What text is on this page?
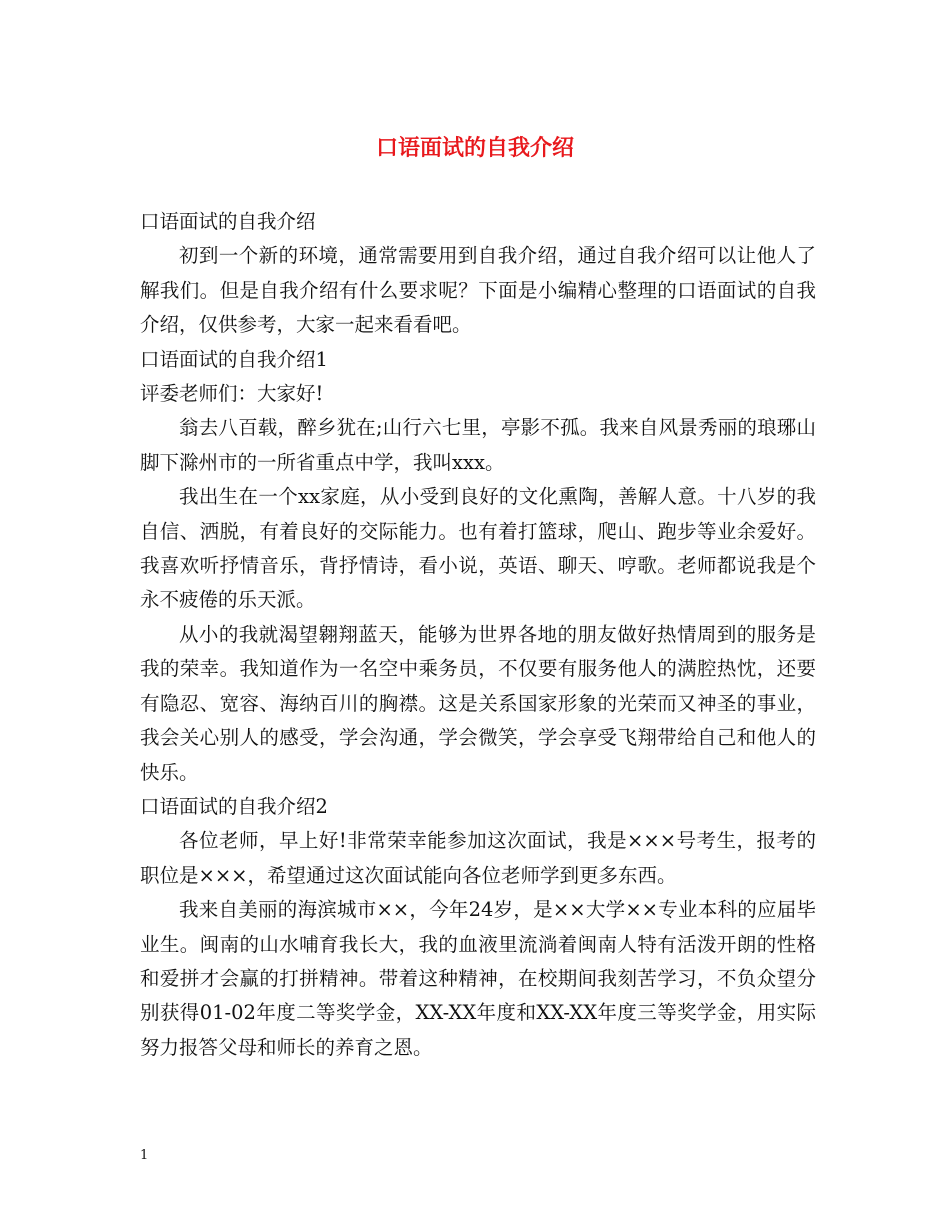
口语面试的自我介绍

口语面试的自我介绍

初到一个新的环境，通常需要用到自我介绍，通过自我介绍可以让他人了解我们。但是自我介绍有什么要求呢？下面是小编精心整理的口语面试的自我介绍，仅供参考，大家一起来看看吧。

口语面试的自我介绍1

评委老师们：大家好!

翁去八百载，醉乡犹在;山行六七里，亭影不孤。我来自风景秀丽的琅琊山脚下滁州市的一所省重点中学，我叫xxx。

我出生在一个xx家庭，从小受到良好的文化熏陶，善解人意。十八岁的我自信、洒脱，有着良好的交际能力。也有着打篮球，爬山、跑步等业余爱好。我喜欢听抒情音乐，背抒情诗，看小说，英语、聊天、哼歌。老师都说我是个永不疲倦的乐天派。

从小的我就渴望翱翔蓝天，能够为世界各地的朋友做好热情周到的服务是我的荣幸。我知道作为一名空中乘务员，不仅要有服务他人的满腔热忱，还要有隐忍、宽容、海纳百川的胸襟。这是关系国家形象的光荣而又神圣的事业，我会关心别人的感受，学会沟通，学会微笑，学会享受飞翔带给自己和他人的快乐。

口语面试的自我介绍2

各位老师，早上好!非常荣幸能参加这次面试，我是×××号考生，报考的职位是×××，希望通过这次面试能向各位老师学到更多东西。

我来自美丽的海滨城市××，今年24岁，是××大学××专业本科的应届毕业生。闽南的山水哺育我长大，我的血液里流淌着闽南人特有活泼开朗的性格和爱拼才会赢的打拼精神。带着这种精神，在校期间我刻苦学习，不负众望分别获得01-02年度二等奖学金，XX-XX年度和XX-XX年度三等奖学金，用实际努力报答父母和师长的养育之恩。

1
